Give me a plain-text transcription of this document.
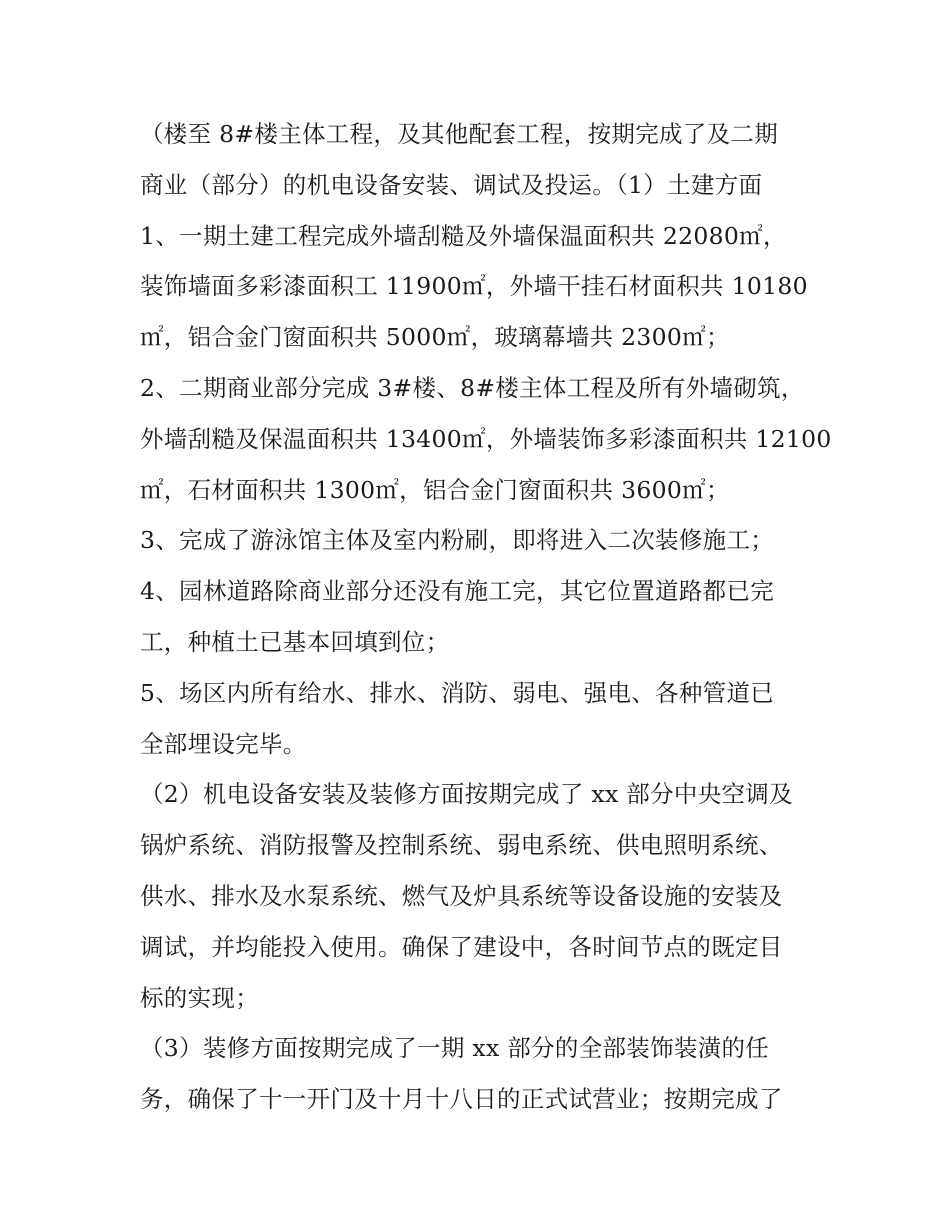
（楼至 8#楼主体工程，及其他配套工程，按期完成了及二期
商业（部分）的机电设备安装、调试及投运。（1）土建方面
1、一期土建工程完成外墙刮糙及外墙保温面积共 22080㎡，
装饰墙面多彩漆面积工 11900㎡，外墙干挂石材面积共 10180
㎡，铝合金门窗面积共 5000㎡，玻璃幕墙共 2300㎡；
2、二期商业部分完成 3#楼、8#楼主体工程及所有外墙砌筑，
外墙刮糙及保温面积共 13400㎡，外墙装饰多彩漆面积共 12100
㎡，石材面积共 1300㎡，铝合金门窗面积共 3600㎡；
3、完成了游泳馆主体及室内粉刷，即将进入二次装修施工；
4、园林道路除商业部分还没有施工完，其它位置道路都已完
工，种植土已基本回填到位；
5、场区内所有给水、排水、消防、弱电、强电、各种管道已
全部埋设完毕。
（2）机电设备安装及装修方面按期完成了 xx 部分中央空调及
锅炉系统、消防报警及控制系统、弱电系统、供电照明系统、
供水、排水及水泵系统、燃气及炉具系统等设备设施的安装及
调试，并均能投入使用。确保了建设中，各时间节点的既定目
标的实现；
（3）装修方面按期完成了一期 xx 部分的全部装饰装潢的任
务，确保了十一开门及十月十八日的正式试营业；按期完成了
